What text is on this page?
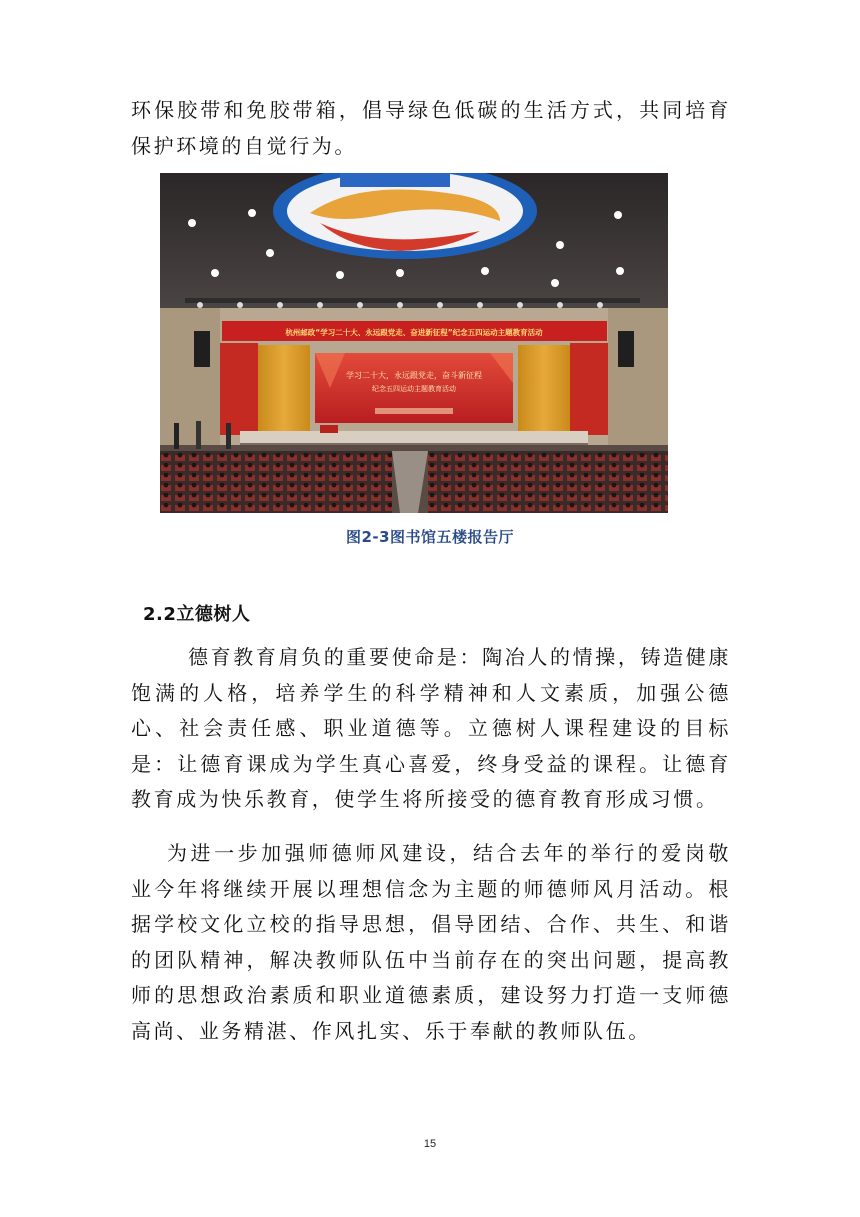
环保胶带和免胶带箱，倡导绿色低碳的生活方式，共同培育保护环境的自觉行为。

杭州邮政“学习二十大、永远跟党走、奋进新征程”纪念五四运动主题教育活动
学习二十大，永远跟党走，奋斗新征程
纪念五四运动主题教育活动
图2-3图书馆五楼报告厅
2.2立德树人

德育教育肩负的重要使命是：陶冶人的情操，铸造健康饱满的人格，培养学生的科学精神和人文素质，加强公德心、社会责任感、职业道德等。立德树人课程建设的目标是：让德育课成为学生真心喜爱，终身受益的课程。让德育教育成为快乐教育，使学生将所接受的德育教育形成习惯。

为进一步加强师德师风建设，结合去年的举行的爱岗敬业今年将继续开展以理想信念为主题的师德师风月活动。根据学校文化立校的指导思想，倡导团结、合作、共生、和谐的团队精神，解决教师队伍中当前存在的突出问题，提高教师的思想政治素质和职业道德素质，建设努力打造一支师德高尚、业务精湛、作风扎实、乐于奉献的教师队伍。

15
